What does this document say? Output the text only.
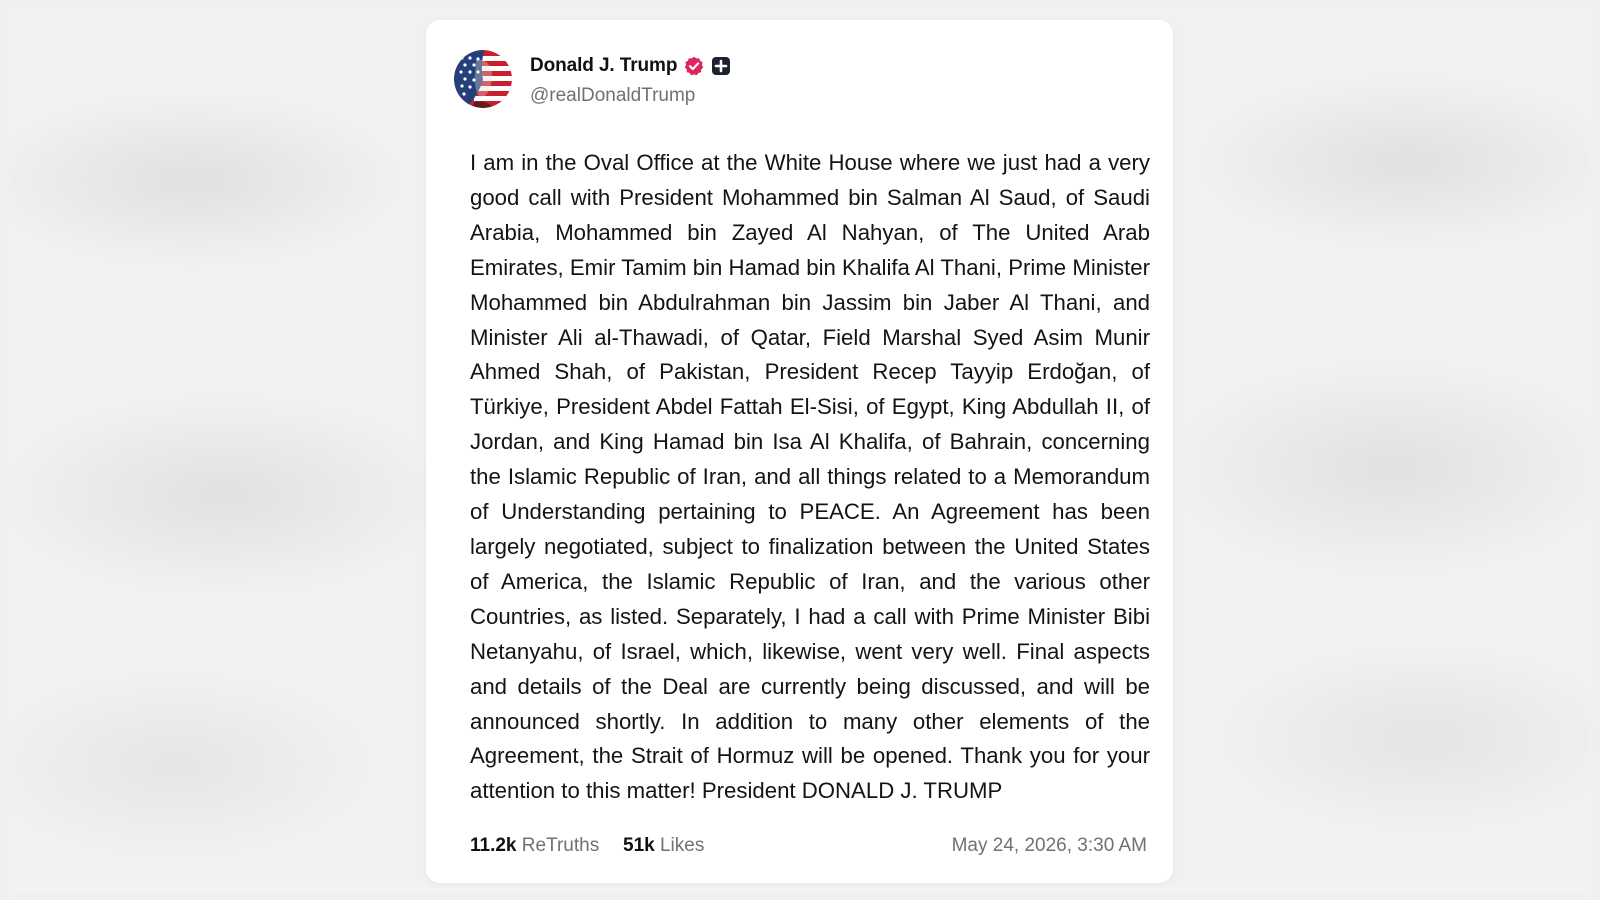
Donald J. Trump
@realDonaldTrump
I am in the Oval Office at the White House where we just had a very good call with President Mohammed bin Salman Al Saud, of Saudi Arabia, Mohammed bin Zayed Al Nahyan, of The United Arab Emirates, Emir Tamim bin Hamad bin Khalifa Al Thani, Prime Minister Mohammed bin Abdulrahman bin Jassim bin Jaber Al Thani, and Minister Ali al-Thawadi, of Qatar, Field Marshal Syed Asim Munir Ahmed Shah, of Pakistan, President Recep Tayyip Erdoğan, of Türkiye, President Abdel Fattah El-Sisi, of Egypt, King Abdullah II, of Jordan, and King Hamad bin Isa Al Khalifa, of Bahrain, concerning the Islamic Republic of Iran, and all things related to a Memorandum of Understanding pertaining to PEACE. An Agreement has been largely negotiated, subject to finalization between the United States of America, the Islamic Republic of Iran, and the various other Countries, as listed. Separately, I had a call with Prime Minister Bibi Netanyahu, of Israel, which, likewise, went very well. Final aspects and details of the Deal are currently being discussed, and will be announced shortly. In addition to many other elements of the Agreement, the Strait of Hormuz will be opened. Thank you for your attention to this matter! President DONALD J. TRUMP
11.2k ReTruths 51k Likes	May 24, 2026, 3:30 AM
